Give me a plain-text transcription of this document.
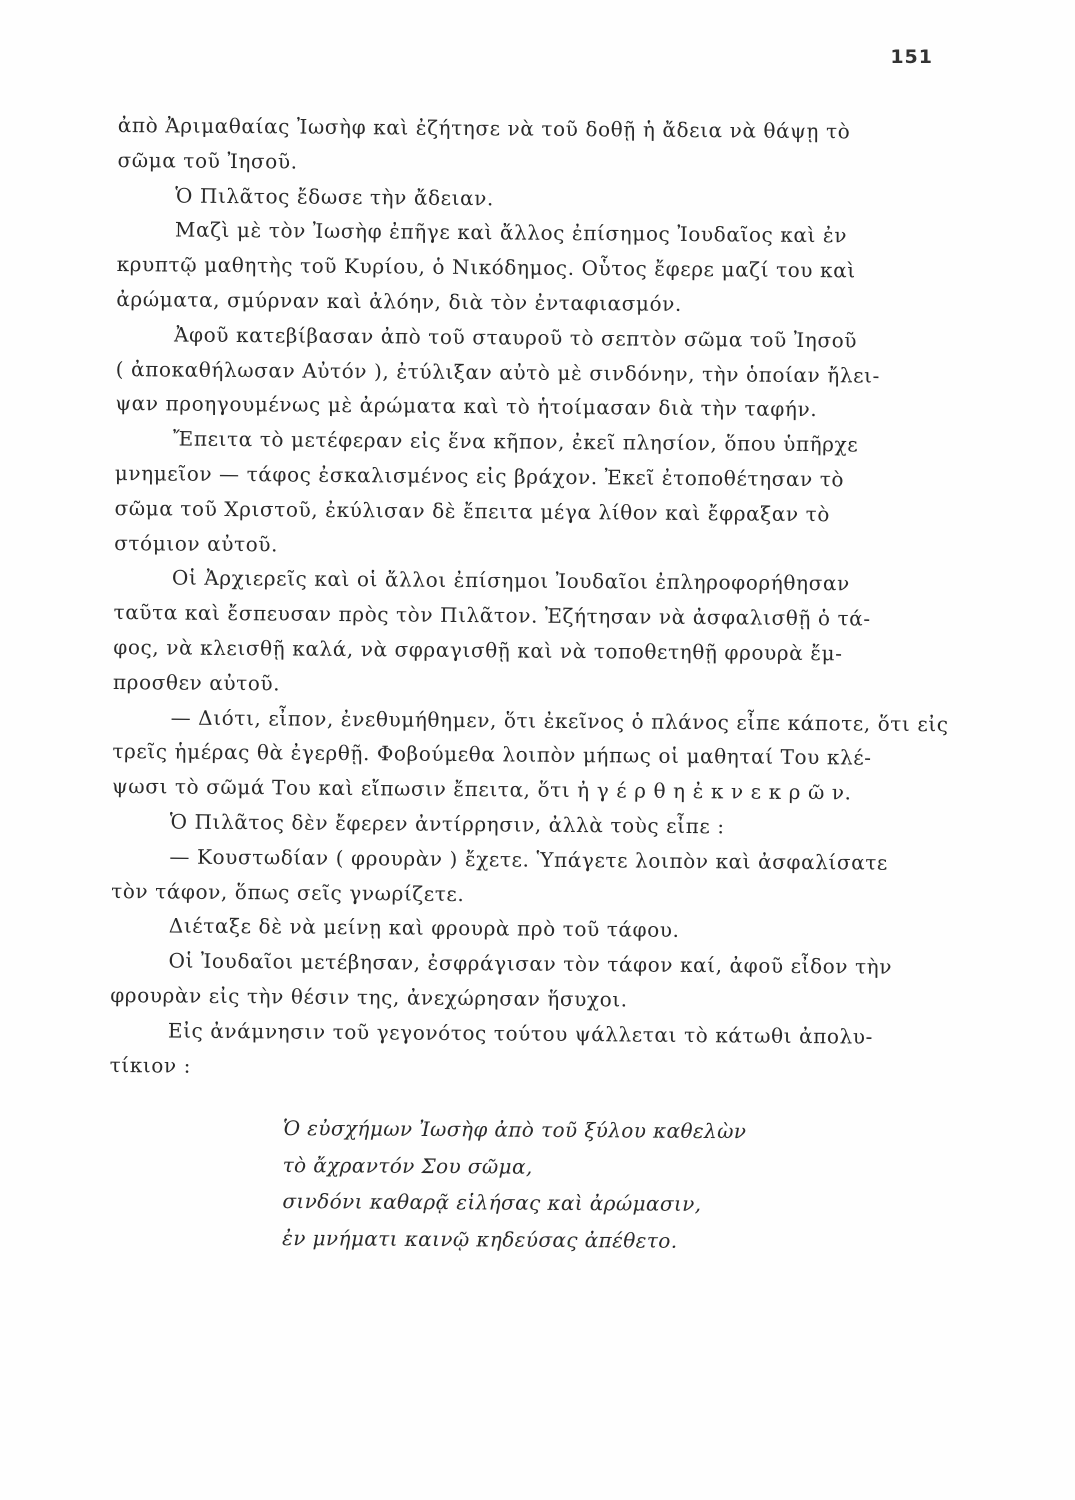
151
ἀπὸ Ἀριμαθαίας Ἰωσὴφ καὶ ἐζήτησε νὰ τοῦ δοθῇ ἡ ἄδεια νὰ θάψῃ τὸ
σῶμα τοῦ Ἰησοῦ.
Ὁ Πιλᾶτος ἔδωσε τὴν ἄδειαν.
Μαζὶ μὲ τὸν Ἰωσὴφ ἐπῆγε καὶ ἄλλος ἐπίσημος Ἰουδαῖος καὶ ἐν
κρυπτῷ μαθητὴς τοῦ Κυρίου, ὁ Νικόδημος. Οὗτος ἔφερε μαζί του καὶ
ἀρώματα, σμύρναν καὶ ἀλόην, διὰ τὸν ἐνταφιασμόν.
Ἀφοῦ κατεβίβασαν ἀπὸ τοῦ σταυροῦ τὸ σεπτὸν σῶμα τοῦ Ἰησοῦ
( ἀποκαθήλωσαν Αὐτόν ), ἐτύλιξαν αὐτὸ μὲ σινδόνην, τὴν ὁποίαν ἤλει-
ψαν προηγουμένως μὲ ἀρώματα καὶ τὸ ἡτοίμασαν διὰ τὴν ταφήν.
Ἔπειτα τὸ μετέφεραν εἰς ἕνα κῆπον, ἐκεῖ πλησίον, ὅπου ὑπῆρχε
μνημεῖον — τάφος ἐσκαλισμένος εἰς βράχον. Ἐκεῖ ἐτοποθέτησαν τὸ
σῶμα τοῦ Χριστοῦ, ἐκύλισαν δὲ ἔπειτα μέγα λίθον καὶ ἔφραξαν τὸ
στόμιον αὐτοῦ.
Οἱ Ἀρχιερεῖς καὶ οἱ ἄλλοι ἐπίσημοι Ἰουδαῖοι ἐπληροφορήθησαν
ταῦτα καὶ ἔσπευσαν πρὸς τὸν Πιλᾶτον. Ἐζήτησαν νὰ ἀσφαλισθῇ ὁ τά-
φος, νὰ κλεισθῇ καλά, νὰ σφραγισθῇ καὶ νὰ τοποθετηθῇ φρουρὰ ἔμ-
προσθεν αὐτοῦ.
— Διότι, εἶπον, ἐνεθυμήθημεν, ὅτι ἐκεῖνος ὁ πλάνος εἶπε κάποτε, ὅτι εἰς
τρεῖς ἡμέρας θὰ ἐγερθῇ. Φοβούμεθα λοιπὸν μήπως οἱ μαθηταί Του κλέ-
ψωσι τὸ σῶμά Του καὶ εἴπωσιν ἔπειτα, ὅτι ἠ γ έ ρ θ η ἐ κ ν ε κ ρ ῶ ν.
Ὁ Πιλᾶτος δὲν ἔφερεν ἀντίρρησιν, ἀλλὰ τοὺς εἶπε :
— Κουστωδίαν ( φρουρὰν ) ἔχετε. Ὑπάγετε λοιπὸν καὶ ἀσφαλίσατε
τὸν τάφον, ὅπως σεῖς γνωρίζετε.
Διέταξε δὲ νὰ μείνῃ καὶ φρουρὰ πρὸ τοῦ τάφου.
Οἱ Ἰουδαῖοι μετέβησαν, ἐσφράγισαν τὸν τάφον καί, ἀφοῦ εἶδον τὴν
φρουρὰν εἰς τὴν θέσιν της, ἀνεχώρησαν ἥσυχοι.
Εἰς ἀνάμνησιν τοῦ γεγονότος τούτου ψάλλεται τὸ κάτωθι ἀπολυ-
τίκιον :
Ὁ εὐσχήμων Ἰωσὴφ ἀπὸ τοῦ ξύλου καθελὼν
τὸ ἄχραντόν Σου σῶμα,
σινδόνι καθαρᾷ εἱλήσας καὶ ἀρώμασιν,
ἐν μνήματι καινῷ κηδεύσας ἀπέθετο.
